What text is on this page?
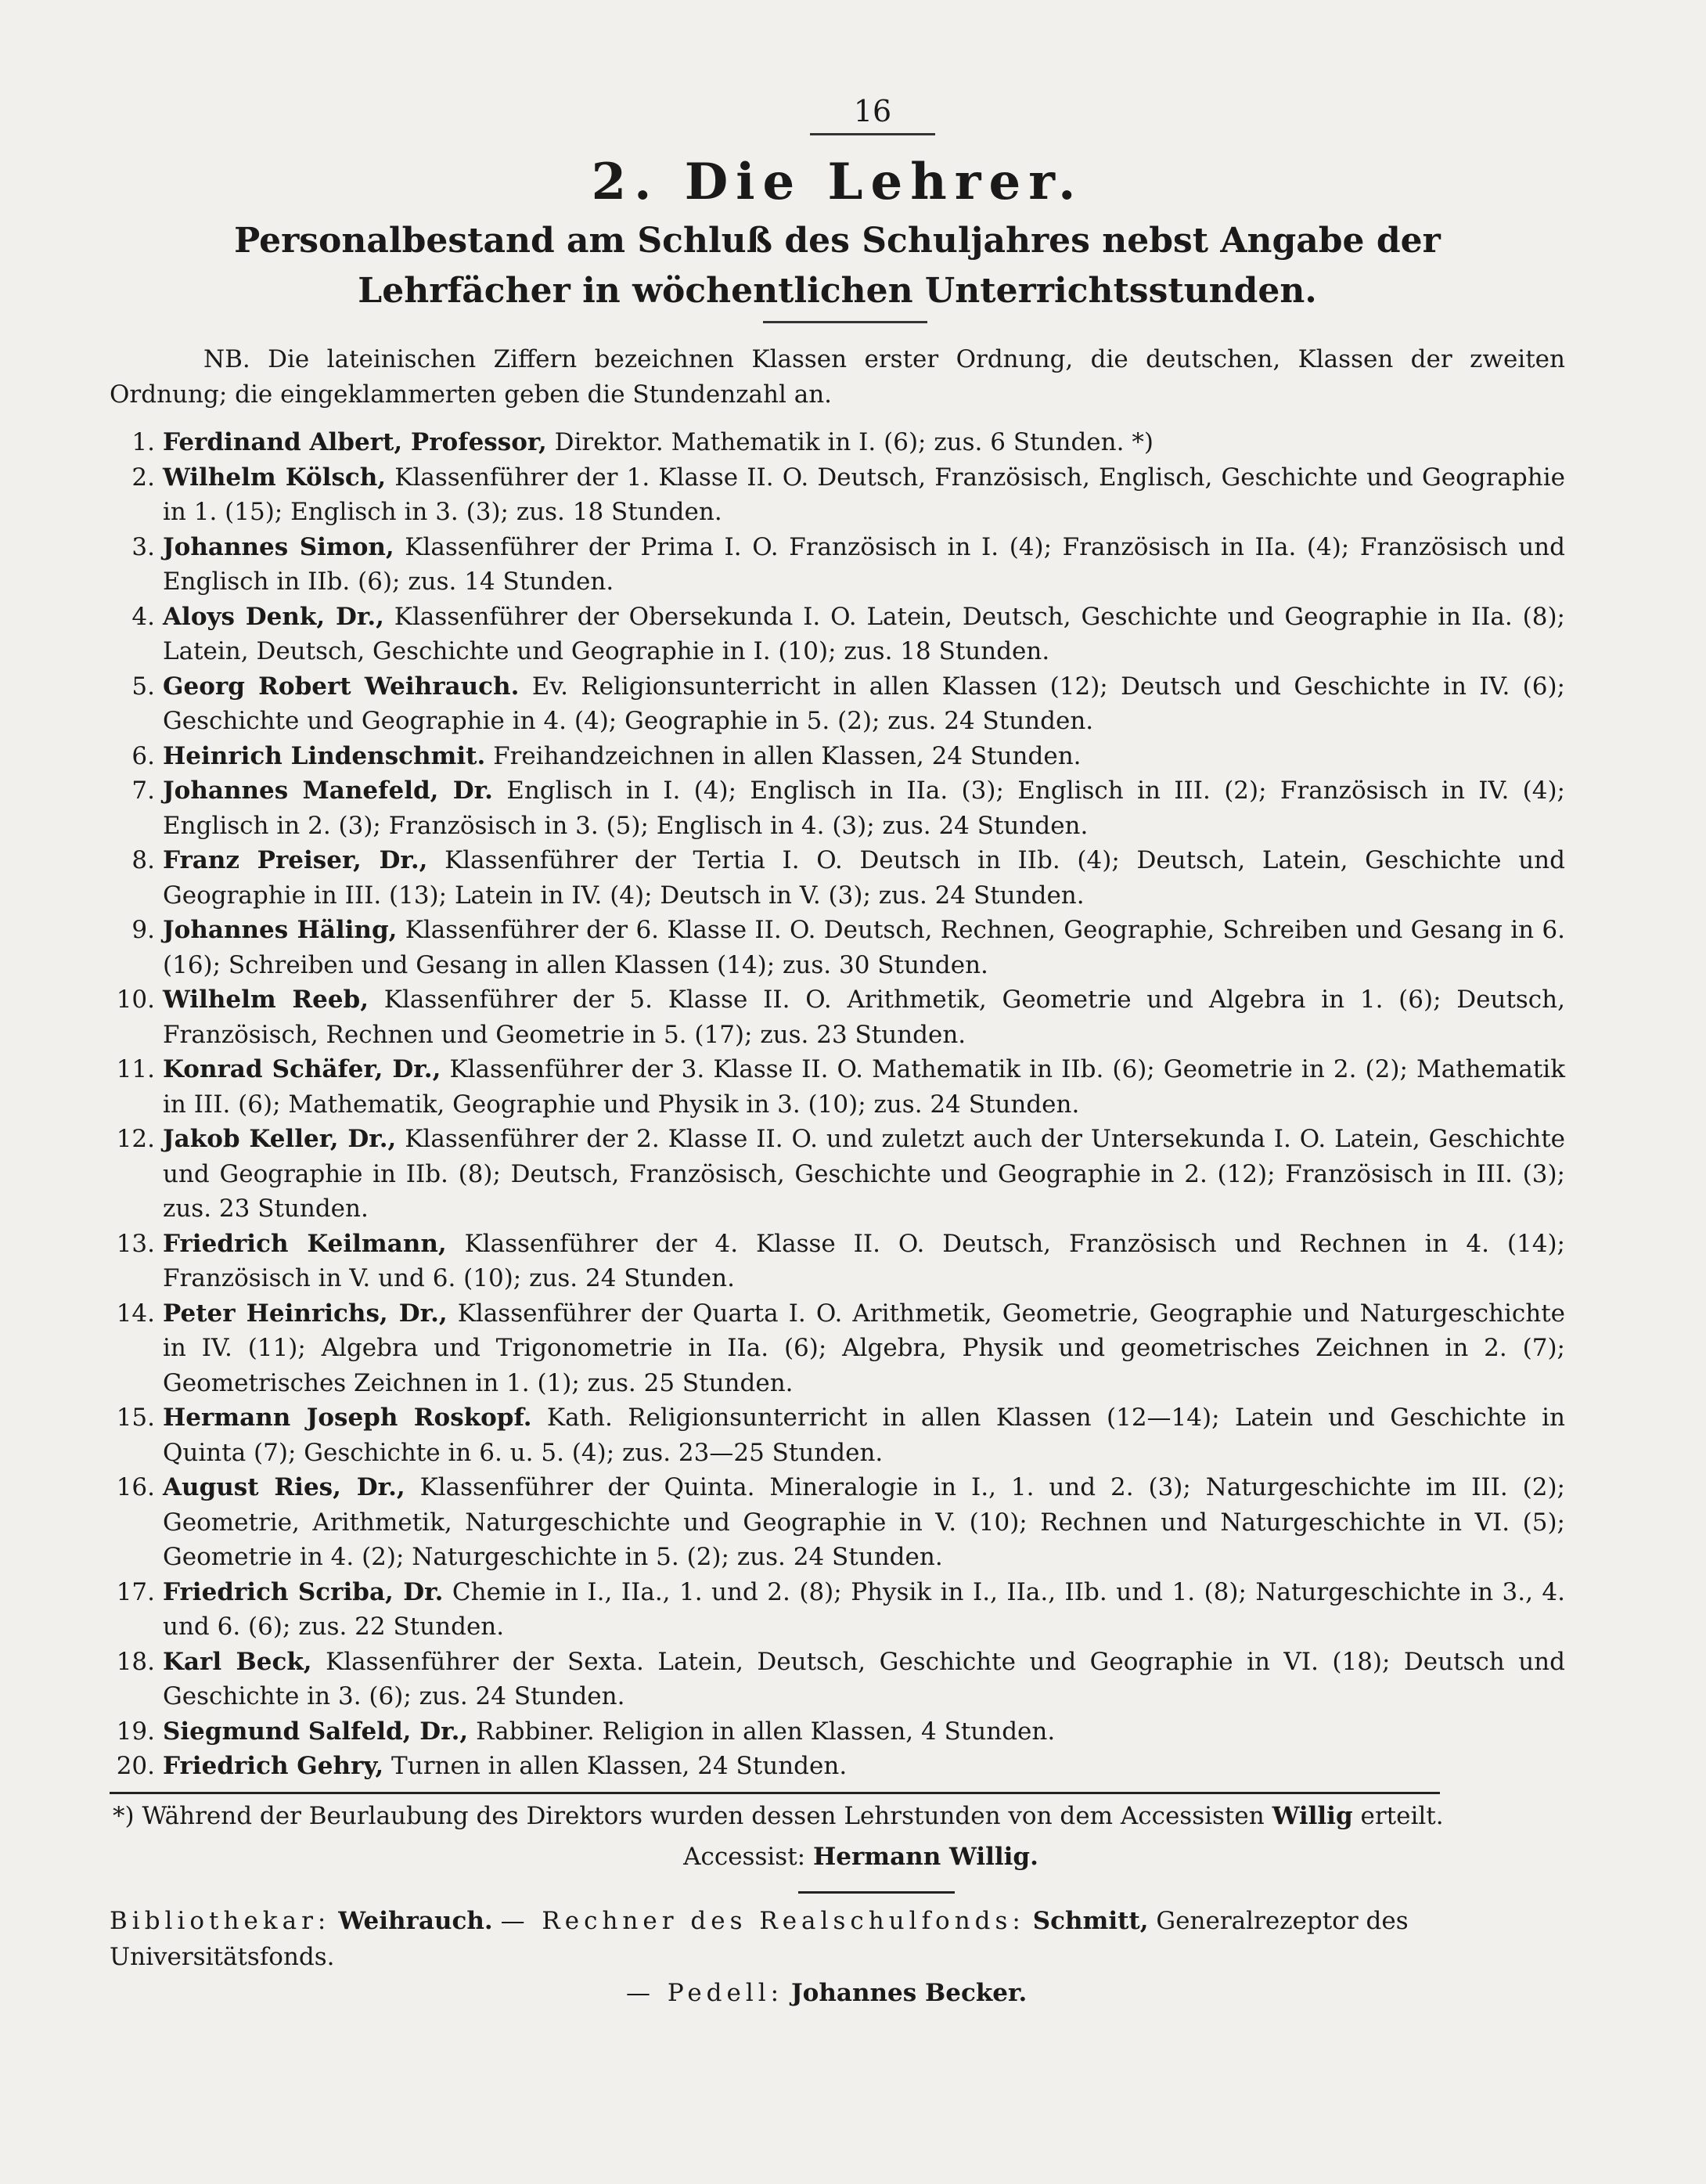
16
2. Die Lehrer.
Personalbestand am Schluß des Schuljahres nebst Angabe der Lehrfächer in wöchentlichen Unterrichtsstunden.
NB. Die lateinischen Ziffern bezeichnen Klassen erster Ordnung, die deutschen, Klassen der zweiten Ordnung; die eingeklammerten geben die Stundenzahl an.
1. Ferdinand Albert, Professor, Direktor. Mathematik in I. (6); zus. 6 Stunden. *)
2. Wilhelm Kölsch, Klassenführer der 1. Klasse II. O. Deutsch, Französisch, Englisch, Geschichte und Geographie in 1. (15); Englisch in 3. (3); zus. 18 Stunden.
3. Johannes Simon, Klassenführer der Prima I. O. Französisch in I. (4); Französisch in IIa. (4); Französisch und Englisch in IIb. (6); zus. 14 Stunden.
4. Aloys Denk, Dr., Klassenführer der Obersekunda I. O. Latein, Deutsch, Geschichte und Geographie in IIa. (8); Latein, Deutsch, Geschichte und Geographie in I. (10); zus. 18 Stunden.
5. Georg Robert Weihrauch. Ev. Religionsunterricht in allen Klassen (12); Deutsch und Geschichte in IV. (6); Geschichte und Geographie in 4. (4); Geographie in 5. (2); zus. 24 Stunden.
6. Heinrich Lindenschmit. Freihandzeichnen in allen Klassen, 24 Stunden.
7. Johannes Manefeld, Dr. Englisch in I. (4); Englisch in IIa. (3); Englisch in III. (2); Französisch in IV. (4); Englisch in 2. (3); Französisch in 3. (5); Englisch in 4. (3); zus. 24 Stunden.
8. Franz Preiser, Dr., Klassenführer der Tertia I. O. Deutsch in IIb. (4); Deutsch, Latein, Geschichte und Geographie in III. (13); Latein in IV. (4); Deutsch in V. (3); zus. 24 Stunden.
9. Johannes Häling, Klassenführer der 6. Klasse II. O. Deutsch, Rechnen, Geographie, Schreiben und Gesang in 6. (16); Schreiben und Gesang in allen Klassen (14); zus. 30 Stunden.
10. Wilhelm Reeb, Klassenführer der 5. Klasse II. O. Arithmetik, Geometrie und Algebra in 1. (6); Deutsch, Französisch, Rechnen und Geometrie in 5. (17); zus. 23 Stunden.
11. Konrad Schäfer, Dr., Klassenführer der 3. Klasse II. O. Mathematik in IIb. (6); Geometrie in 2. (2); Mathematik in III. (6); Mathematik, Geographie und Physik in 3. (10); zus. 24 Stunden.
12. Jakob Keller, Dr., Klassenführer der 2. Klasse II. O. und zuletzt auch der Untersekunda I. O. Latein, Geschichte und Geographie in IIb. (8); Deutsch, Französisch, Geschichte und Geographie in 2. (12); Französisch in III. (3); zus. 23 Stunden.
13. Friedrich Keilmann, Klassenführer der 4. Klasse II. O. Deutsch, Französisch und Rechnen in 4. (14); Französisch in V. und 6. (10); zus. 24 Stunden.
14. Peter Heinrichs, Dr., Klassenführer der Quarta I. O. Arithmetik, Geometrie, Geographie und Naturgeschichte in IV. (11); Algebra und Trigonometrie in IIa. (6); Algebra, Physik und geometrisches Zeichnen in 2. (7); Geometrisches Zeichnen in 1. (1); zus. 25 Stunden.
15. Hermann Joseph Roskopf. Kath. Religionsunterricht in allen Klassen (12—14); Latein und Geschichte in Quinta (7); Geschichte in 6. u. 5. (4); zus. 23—25 Stunden.
16. August Ries, Dr., Klassenführer der Quinta. Mineralogie in I., 1. und 2. (3); Naturgeschichte im III. (2); Geometrie, Arithmetik, Naturgeschichte und Geographie in V. (10); Rechnen und Naturgeschichte in VI. (5); Geometrie in 4. (2); Naturgeschichte in 5. (2); zus. 24 Stunden.
17. Friedrich Scriba, Dr. Chemie in I., IIa., 1. und 2. (8); Physik in I., IIa., IIb. und 1. (8); Naturgeschichte in 3., 4. und 6. (6); zus. 22 Stunden.
18. Karl Beck, Klassenführer der Sexta. Latein, Deutsch, Geschichte und Geographie in VI. (18); Deutsch und Geschichte in 3. (6); zus. 24 Stunden.
19. Siegmund Salfeld, Dr., Rabbiner. Religion in allen Klassen, 4 Stunden.
20. Friedrich Gehry, Turnen in allen Klassen, 24 Stunden.
*) Während der Beurlaubung des Direktors wurden dessen Lehrstunden von dem Accessisten Willig erteilt.
Accessist: Hermann Willig.
Bibliothekar: Weihrauch. — Rechner des Realschulfonds: Schmitt, Generalrezeptor des Universitätsfonds.
— Pedell: Johannes Becker.
